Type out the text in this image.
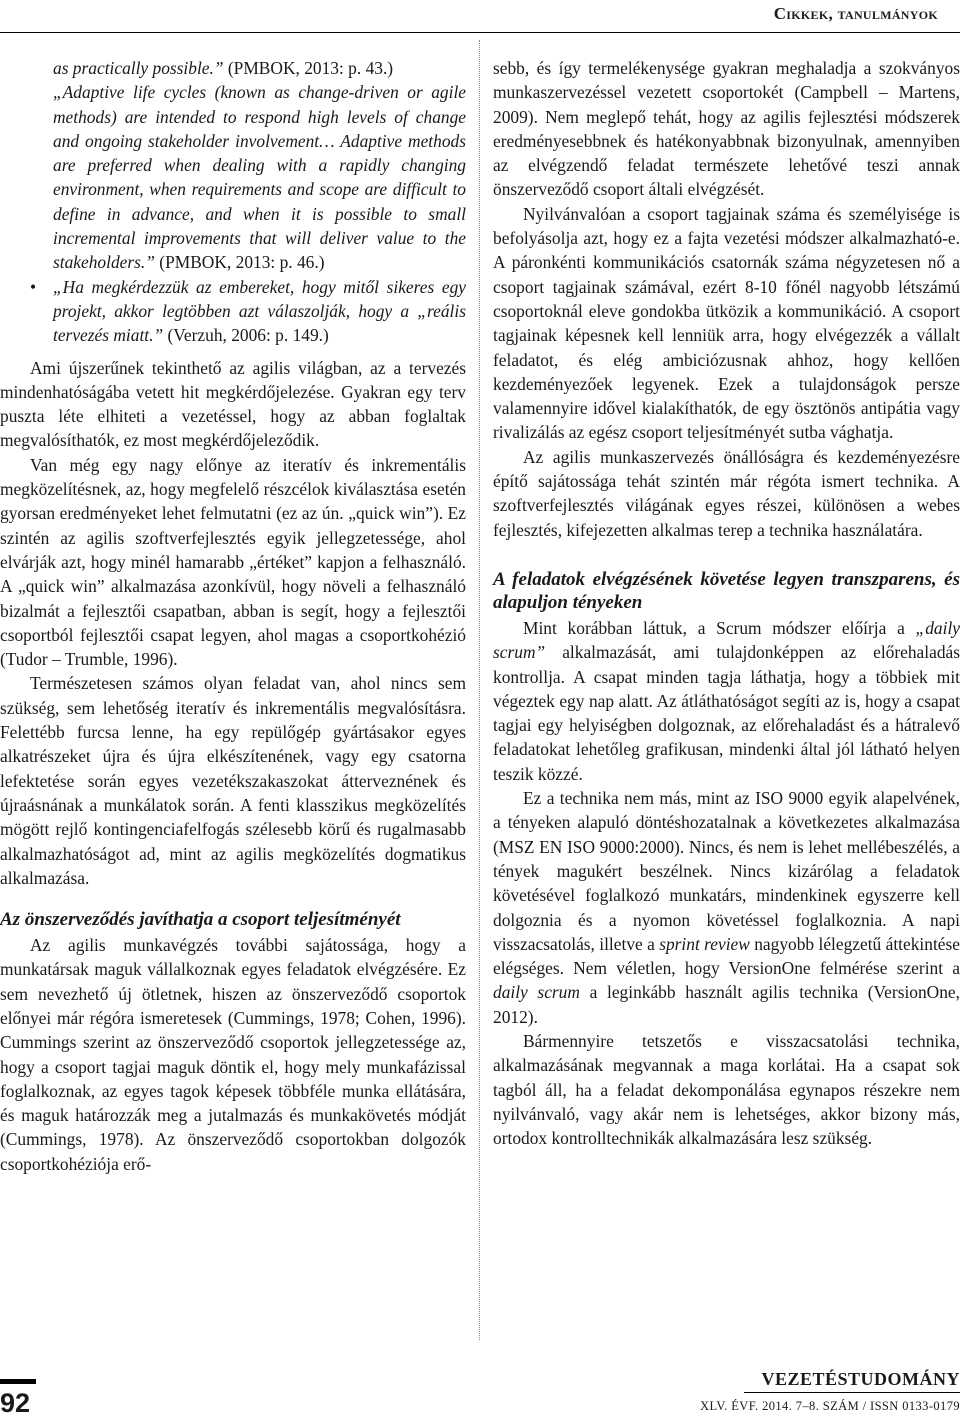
Cikkek, tanulmányok

as practically possible.” (PMBOK, 2013: p. 43.)
„Adaptive life cycles (known as change-driven or agile methods) are intended to respond high levels of change and ongoing stakeholder involvement… Adaptive methods are preferred when dealing with a rapidly changing environment, when requirements and scope are difficult to define in advance, and when it is possible to small incremental improvements that will deliver value to the stakeholders.” (PMBOK, 2013: p. 46.)

• „Ha megkérdezzük az embereket, hogy mitől sikeres egy projekt, akkor legtöbben azt válaszolják, hogy a „reális tervezés miatt.” (Verzuh, 2006: p. 149.)

Ami újszerűnek tekinthető az agilis világban, az a tervezés mindenhatóságába vetett hit megkérdőjelezése. Gyakran egy terv puszta léte elhiteti a vezetéssel, hogy az abban foglaltak megvalósíthatók, ez most megkérdőjeleződik.

Van még egy nagy előnye az iteratív és inkrementális megközelítésnek, az, hogy megfelelő részcélok kiválasztása esetén gyorsan eredményeket lehet felmutatni (ez az ún. „quick win”). Ez szintén az agilis szoftverfejlesztés egyik jellegzetessége, ahol elvárják azt, hogy minél hamarabb „értéket” kapjon a felhasználó. A „quick win” alkalmazása azonkívül, hogy növeli a felhasználó bizalmát a fejlesztői csapatban, abban is segít, hogy a fejlesztői csoportból fejlesztői csapat legyen, ahol magas a csoportkohézió (Tudor – Trumble, 1996).

Természetesen számos olyan feladat van, ahol nincs sem szükség, sem lehetőség iteratív és inkrementális megvalósításra. Felettébb furcsa lenne, ha egy repülőgép gyártásakor egyes alkatrészeket újra és újra elkészítenének, vagy egy csatorna lefektetése során egyes vezetékszakaszokat átterveznének és újraásnának a munkálatok során. A fenti klasszikus megközelítés mögött rejlő kontingenciafelfogás szélesebb körű és rugalmasabb alkalmazhatóságot ad, mint az agilis megközelítés dogmatikus alkalmazása.

Az önszerveződés javíthatja a csoport teljesítményét

Az agilis munkavégzés további sajátossága, hogy a munkatársak maguk vállalkoznak egyes feladatok elvégzésére. Ez sem nevezhető új ötletnek, hiszen az önszerveződő csoportok előnyei már régóra ismeretesek (Cummings, 1978; Cohen, 1996). Cummings szerint az önszerveződő csoportok jellegzetessége az, hogy a csoport tagjai maguk döntik el, hogy mely munkafázissal foglalkoznak, az egyes tagok képesek többféle munka ellátására, és maguk határozzák meg a jutalmazás és munkakövetés módját (Cummings, 1978). Az önszerveződő csoportokban dolgozók csoportkohéziója erő-

sebb, és így termelékenysége gyakran meghaladja a szokványos munkaszervezéssel vezetett csoportokét (Campbell – Martens, 2009). Nem meglepő tehát, hogy az agilis fejlesztési módszerek eredményesebbnek és hatékonyabbnak bizonyulnak, amennyiben az elvégzendő feladat természete lehetővé teszi annak önszerveződő csoport általi elvégzését.

Nyilvánvalóan a csoport tagjainak száma és személyisége is befolyásolja azt, hogy ez a fajta vezetési módszer alkalmazható-e. A páronkénti kommunikációs csatornák száma négyzetesen nő a csoport tagjainak számával, ezért 8-10 főnél nagyobb létszámú csoportoknál eleve gondokba ütközik a kommunikáció. A csoport tagjainak képesnek kell lenniük arra, hogy elvégezzék a vállalt feladatot, és elég ambiciózusnak ahhoz, hogy kellően kezdeményezőek legyenek. Ezek a tulajdonságok persze valamennyire idővel kialakíthatók, de egy ösztönös antipátia vagy rivalizálás az egész csoport teljesítményét sutba vághatja.

Az agilis munkaszervezés önállóságra és kezdeményezésre építő sajátossága tehát szintén már régóta ismert technika. A szoftverfejlesztés világának egyes részei, különösen a webes fejlesztés, kifejezetten alkalmas terep a technika használatára.

A feladatok elvégzésének követése legyen transzparens, és alapuljon tényeken

Mint korábban láttuk, a Scrum módszer előírja a „daily scrum” alkalmazását, ami tulajdonképpen az előrehaladás kontrollja. A csapat minden tagja láthatja, hogy a többiek mit végeztek egy nap alatt. Az átláthatóságot segíti az is, hogy a csapat tagjai egy helyiségben dolgoznak, az előrehaladást és a hátralevő feladatokat lehetőleg grafikusan, mindenki által jól látható helyen teszik közzé.

Ez a technika nem más, mint az ISO 9000 egyik alapelvének, a tényeken alapuló döntéshozatalnak a következetes alkalmazása (MSZ EN ISO 9000:2000). Nincs, és nem is lehet mellébeszélés, a tények magukért beszélnek. Nincs kizárólag a feladatok követésével foglalkozó munkatárs, mindenkinek egyszerre kell dolgoznia és a nyomon követéssel foglalkoznia. A napi visszacsatolás, illetve a sprint review nagyobb lélegzetű áttekintése elégséges. Nem véletlen, hogy VersionOne felmérése szerint a daily scrum a leginkább használt agilis technika (VersionOne, 2012).

Bármennyire tetszetős e visszacsatolási technika, alkalmazásának megvannak a maga korlátai. Ha a csapat sok tagból áll, ha a feladat dekomponálása egynapos részekre nem nyilvánvaló, vagy akár nem is lehetséges, akkor bizony más, ortodox kontrolltechnikák alkalmazására lesz szükség.

92
VEZETÉSTUDOMÁNY
XLV. ÉVF. 2014. 7–8. SZÁM / ISSN 0133-0179
